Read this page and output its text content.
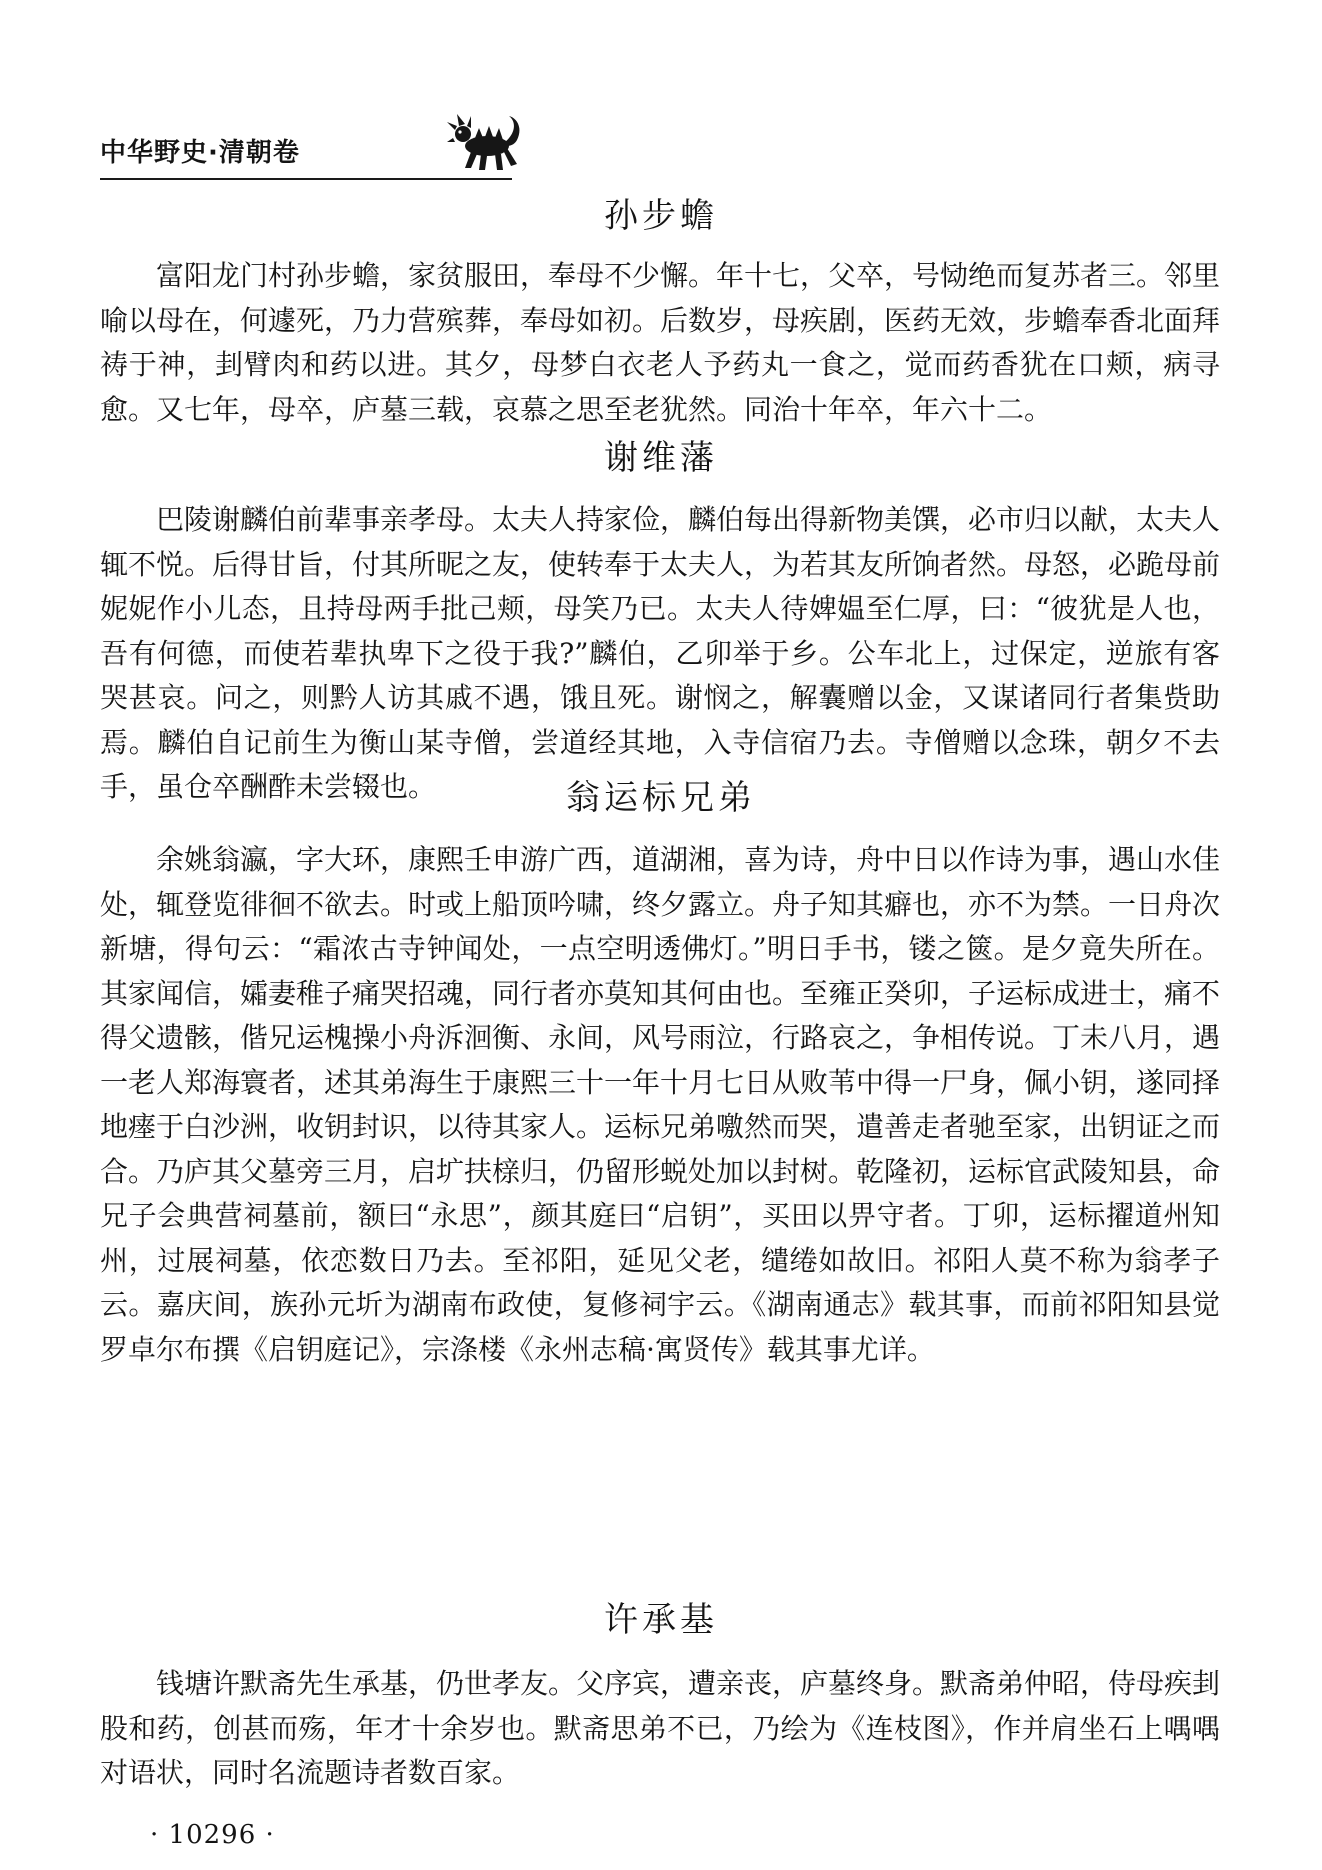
中华野史·清朝卷
孙步蟾

富阳龙门村孙步蟾，家贫服田，奉母不少懈。年十七，父卒，号恸绝而复苏者三。邻里喻以母在，何遽死，乃力营殡葬，奉母如初。后数岁，母疾剧，医药无效，步蟾奉香北面拜祷于神，刲臂肉和药以进。其夕，母梦白衣老人予药丸一食之，觉而药香犹在口颊，病寻愈。又七年，母卒，庐墓三载，哀慕之思至老犹然。同治十年卒，年六十二。

谢维藩

巴陵谢麟伯前辈事亲孝母。太夫人持家俭，麟伯每出得新物美馔，必市归以献，太夫人辄不悦。后得甘旨，付其所昵之友，使转奉于太夫人，为若其友所饷者然。母怒，必跪母前妮妮作小儿态，且持母两手批己颊，母笑乃已。太夫人待婢媪至仁厚，曰：“彼犹是人也，吾有何德，而使若辈执卑下之役于我?”麟伯，乙卯举于乡。公车北上，过保定，逆旅有客哭甚哀。问之，则黔人访其戚不遇，饿且死。谢悯之，解囊赠以金，又谋诸同行者集赀助焉。麟伯自记前生为衡山某寺僧，尝道经其地，入寺信宿乃去。寺僧赠以念珠，朝夕不去手，虽仓卒酬酢未尝辍也。	翁运标兄弟

余姚翁瀛，字大环，康熙壬申游广西，道湖湘，喜为诗，舟中日以作诗为事，遇山水佳处，辄登览徘徊不欲去。时或上船顶吟啸，终夕露立。舟子知其癖也，亦不为禁。一日舟次新塘，得句云：“霜浓古寺钟闻处，一点空明透佛灯。”明日手书，镂之篋。是夕竟失所在。其家闻信，孀妻稚子痛哭招魂，同行者亦莫知其何由也。至雍正癸卯，子运标成进士，痛不得父遗骸，偕兄运槐操小舟泝洄衡、永间，风号雨泣，行路哀之，争相传说。丁未八月，遇一老人郑海寰者，述其弟海生于康熙三十一年十月七日从败苇中得一尸身，佩小钥，遂同择地瘗于白沙洲，收钥封识，以待其家人。运标兄弟噭然而哭，遣善走者驰至家，出钥证之而合。乃庐其父墓旁三月，启圹扶榇归，仍留形蜕处加以封树。乾隆初，运标官武陵知县，命兄子会典营祠墓前，额曰“永思”，颜其庭曰“启钥”，买田以畀守者。丁卯，运标擢道州知州，过展祠墓，依恋数日乃去。至祁阳，延见父老，缱绻如故旧。祁阳人莫不称为翁孝子云。嘉庆间，族孙元圻为湖南布政使，复修祠宇云。《湖南通志》载其事，而前祁阳知县觉罗卓尔布撰《启钥庭记》，宗涤楼《永州志稿·寓贤传》载其事尤详。

许承基

钱塘许默斋先生承基，仍世孝友。父序宾，遭亲丧，庐墓终身。默斋弟仲昭，侍母疾刲股和药，创甚而殇，年才十余岁也。默斋思弟不已，乃绘为《连枝图》，作并肩坐石上喁喁对语状，同时名流题诗者数百家。

· 10296 ·
